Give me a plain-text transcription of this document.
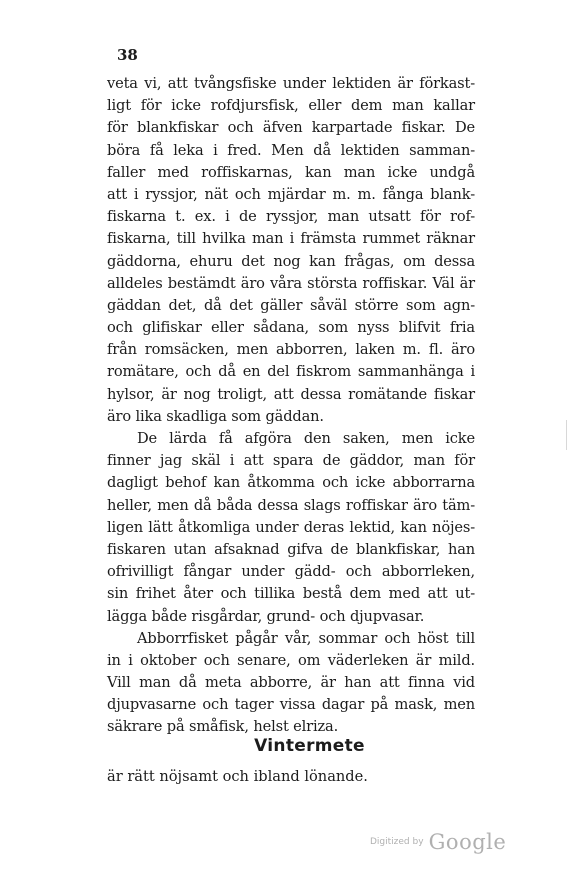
38
veta vi, att tvångsfiske under lektiden är förkast-
ligt för icke rofdjursfisk, eller dem man kallar
för blankfiskar och äfven karpartade fiskar. De
böra få leka i fred. Men då lektiden samman-
faller med roffiskarnas, kan man icke undgå
att i ryssjor, nät och mjärdar m. m. fånga blank-
fiskarna t. ex. i de ryssjor, man utsatt för rof-
fiskarna, till hvilka man i främsta rummet räknar
gäddorna, ehuru det nog kan frågas, om dessa
alldeles bestämdt äro våra största roffiskar. Väl är
gäddan det, då det gäller såväl större som agn-
och glifiskar eller sådana, som nyss blifvit fria
från romsäcken, men abborren, laken m. fl. äro
romätare, och då en del fiskrom sammanhänga i
hylsor, är nog troligt, att dessa romätande fiskar
äro lika skadliga som gäddan.
De lärda få afgöra den saken, men icke
finner jag skäl i att spara de gäddor, man för
dagligt behof kan åtkomma och icke abborrarna
heller, men då båda dessa slags roffiskar äro täm-
ligen lätt åtkomliga under deras lektid, kan nöjes-
fiskaren utan afsaknad gifva de blankfiskar, han
ofrivilligt fångar under gädd- och abborrleken,
sin frihet åter och tillika bestå dem med att ut-
lägga både risgårdar, grund- och djupvasar.
Abborrfisket pågår vår, sommar och höst till
in i oktober och senare, om väderleken är mild.
Vill man då meta abborre, är han att finna vid
djupvasarne och tager vissa dagar på mask, men
säkrare på småfisk, helst elriza.
Vintermete
är rätt nöjsamt och ibland lönande.
Digitized by Google
